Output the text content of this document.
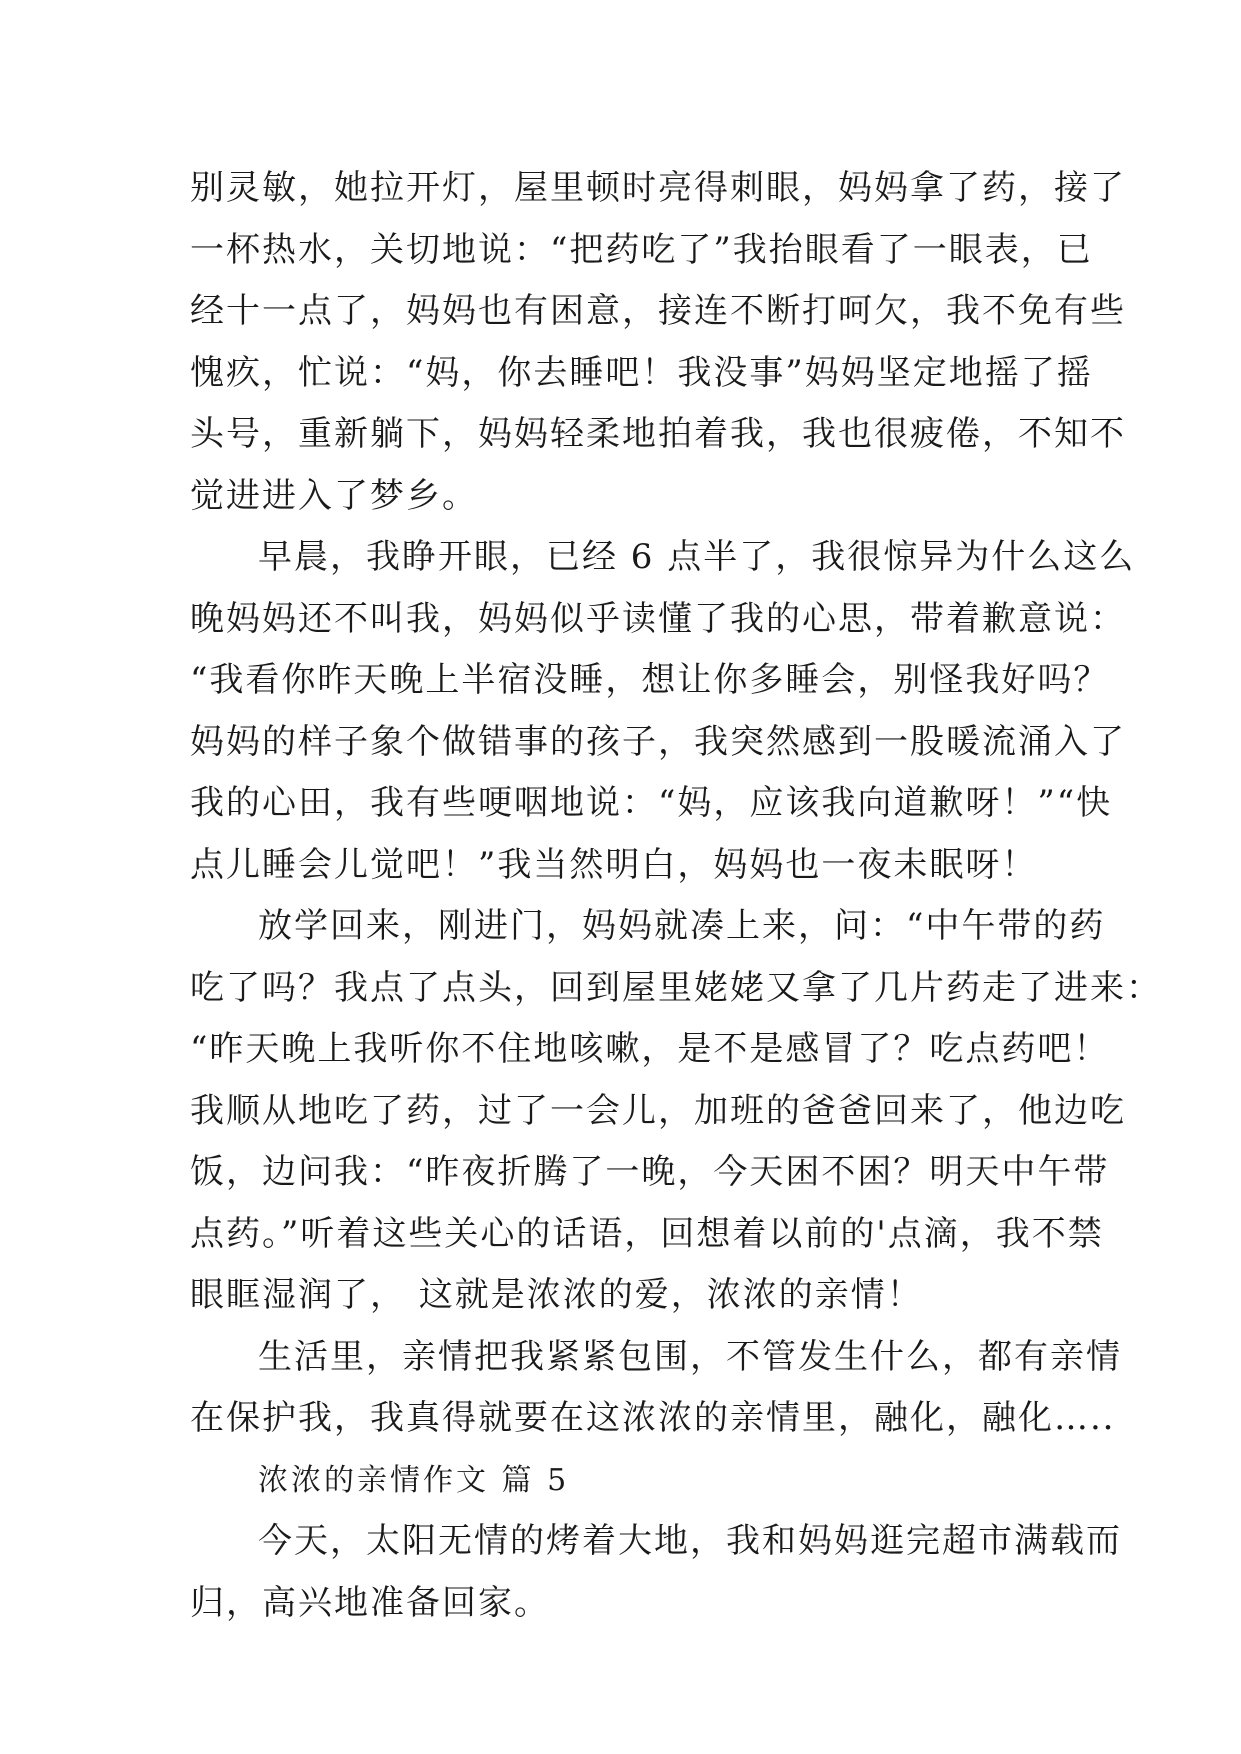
别灵敏，她拉开灯，屋里顿时亮得刺眼，妈妈拿了药，接了
一杯热水，关切地说：“把药吃了”我抬眼看了一眼表，已
经十一点了，妈妈也有困意，接连不断打呵欠，我不免有些
愧疚，忙说：“妈，你去睡吧！我没事”妈妈坚定地摇了摇
头号，重新躺下，妈妈轻柔地拍着我，我也很疲倦，不知不
觉进进入了梦乡。
早晨，我睁开眼，已经 6 点半了，我很惊异为什么这么
晚妈妈还不叫我，妈妈似乎读懂了我的心思，带着歉意说：
“我看你昨天晚上半宿没睡，想让你多睡会，别怪我好吗？
妈妈的样子象个做错事的孩子，我突然感到一股暖流涌入了
我的心田，我有些哽咽地说：“妈，应该我向道歉呀！”“快
点儿睡会儿觉吧！”我当然明白，妈妈也一夜未眠呀！
放学回来，刚进门，妈妈就凑上来，问：“中午带的药
吃了吗？我点了点头，回到屋里姥姥又拿了几片药走了进来：
“昨天晚上我听你不住地咳嗽，是不是感冒了？吃点药吧！
我顺从地吃了药，过了一会儿，加班的爸爸回来了，他边吃
饭，边问我：“昨夜折腾了一晚，今天困不困？明天中午带
点药。”听着这些关心的话语，回想着以前的'点滴，我不禁
眼眶湿润了， 这就是浓浓的爱，浓浓的亲情！
生活里，亲情把我紧紧包围，不管发生什么，都有亲情
在保护我，我真得就要在这浓浓的亲情里，融化，融化….．
浓浓的亲情作文 篇 5
今天，太阳无情的烤着大地，我和妈妈逛完超市满载而
归，高兴地准备回家。
